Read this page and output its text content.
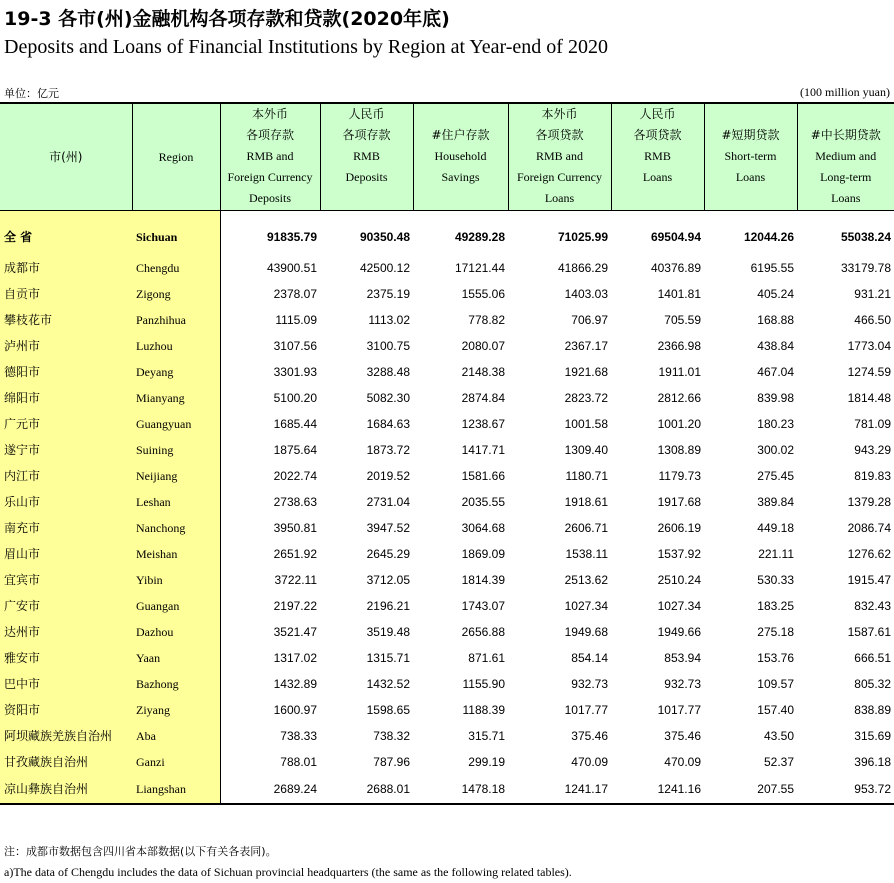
19-3 各市(州)金融机构各项存款和贷款(2020年底)
Deposits and Loans of Financial Institutions by Region at Year-end of 2020
单位：亿元	(100 million yuan)
市(州)	Region	本外币
各项存款
RMB and
Foreign Currency
Deposits	人民币
各项存款
RMB
Deposits	#住户存款
Household
Savings	本外币
各项贷款
RMB and
Foreign Currency
Loans	人民币
各项贷款
RMB
Loans	#短期贷款
Short-term
Loans	#中长期贷款
Medium and
Long-term
Loans

全 省	Sichuan	91835.79	90350.48	49289.28	71025.99	69504.94	12044.26	55038.24
成都市	Chengdu	43900.51	42500.12	17121.44	41866.29	40376.89	6195.55	33179.78
自贡市	Zigong	2378.07	2375.19	1555.06	1403.03	1401.81	405.24	931.21
攀枝花市	Panzhihua	1115.09	1113.02	778.82	706.97	705.59	168.88	466.50
泸州市	Luzhou	3107.56	3100.75	2080.07	2367.17	2366.98	438.84	1773.04
德阳市	Deyang	3301.93	3288.48	2148.38	1921.68	1911.01	467.04	1274.59
绵阳市	Mianyang	5100.20	5082.30	2874.84	2823.72	2812.66	839.98	1814.48
广元市	Guangyuan	1685.44	1684.63	1238.67	1001.58	1001.20	180.23	781.09
遂宁市	Suining	1875.64	1873.72	1417.71	1309.40	1308.89	300.02	943.29
内江市	Neijiang	2022.74	2019.52	1581.66	1180.71	1179.73	275.45	819.83
乐山市	Leshan	2738.63	2731.04	2035.55	1918.61	1917.68	389.84	1379.28
南充市	Nanchong	3950.81	3947.52	3064.68	2606.71	2606.19	449.18	2086.74
眉山市	Meishan	2651.92	2645.29	1869.09	1538.11	1537.92	221.11	1276.62
宜宾市	Yibin	3722.11	3712.05	1814.39	2513.62	2510.24	530.33	1915.47
广安市	Guangan	2197.22	2196.21	1743.07	1027.34	1027.34	183.25	832.43
达州市	Dazhou	3521.47	3519.48	2656.88	1949.68	1949.66	275.18	1587.61
雅安市	Yaan	1317.02	1315.71	871.61	854.14	853.94	153.76	666.51
巴中市	Bazhong	1432.89	1432.52	1155.90	932.73	932.73	109.57	805.32
资阳市	Ziyang	1600.97	1598.65	1188.39	1017.77	1017.77	157.40	838.89
阿坝藏族羌族自治州	Aba	738.33	738.32	315.71	375.46	375.46	43.50	315.69
甘孜藏族自治州	Ganzi	788.01	787.96	299.19	470.09	470.09	52.37	396.18
凉山彝族自治州	Liangshan	2689.24	2688.01	1478.18	1241.17	1241.16	207.55	953.72
注：成都市数据包含四川省本部数据(以下有关各表同)。
a)The data of Chengdu includes the data of Sichuan provincial headquarters (the same as the following related tables).
